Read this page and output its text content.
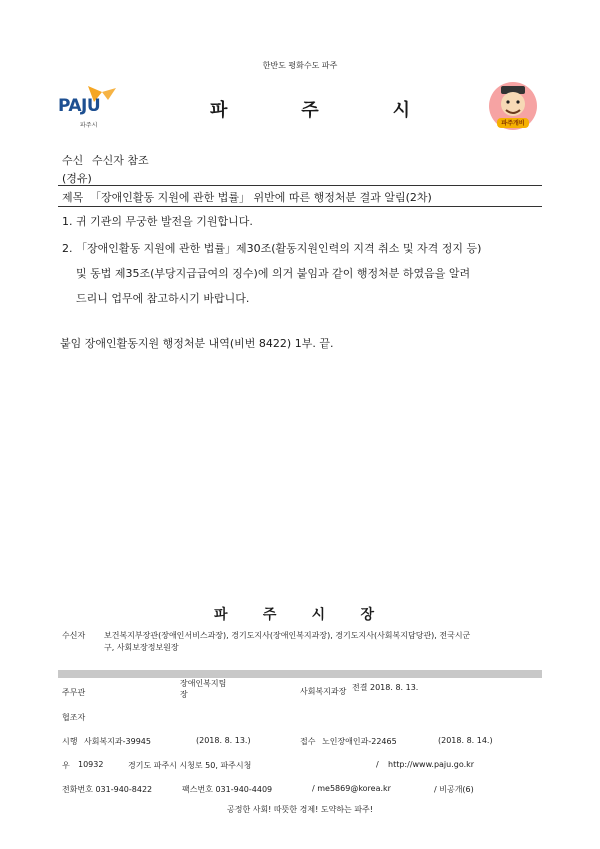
한반도 평화수도 파주
PAJU
파주시
파	주	시
파주개비
수신 수신자 참조
(경유)
제목 「장애인활동 지원에 관한 법률」 위반에 따른 행정처분 결과 알림(2차)
1. 귀 기관의 무궁한 발전을 기원합니다.
2. 「장애인활동 지원에 관한 법률」제30조(활동지원인력의 지격 취소 및 자격 정지 등)
및 동법 제35조(부당지급급여의 징수)에 의거 붙임과 같이 행정처분 하였음을 알려
드리니 업무에 참고하시기 바랍니다.
붙임 장애인활동지원 행정처분 내역(비번 8422) 1부. 끝.
파	주	시	장
수신자 보건복지부장관(장애인서비스과장), 경기도지사(장애인복지과장), 경기도지사(사회복지담당관), 전국시군
구, 사회보장정보원장
주무관
장애인복지팀
장	사회복지과장 전결 2018. 8. 13.
협조자
시행 사회복지과-39945	(2018. 8. 13.)	접수 노인장애인과-22465	(2018. 8. 14.)
우 10932	경기도 파주시 시청로 50, 파주시청	/ http://www.paju.go.kr
전화번호 031-940-8422	팩스번호 031-940-4409	/ me5869@korea.kr	/ 비공개(6)
공정한 사회! 따뜻한 경제! 도약하는 파주!
